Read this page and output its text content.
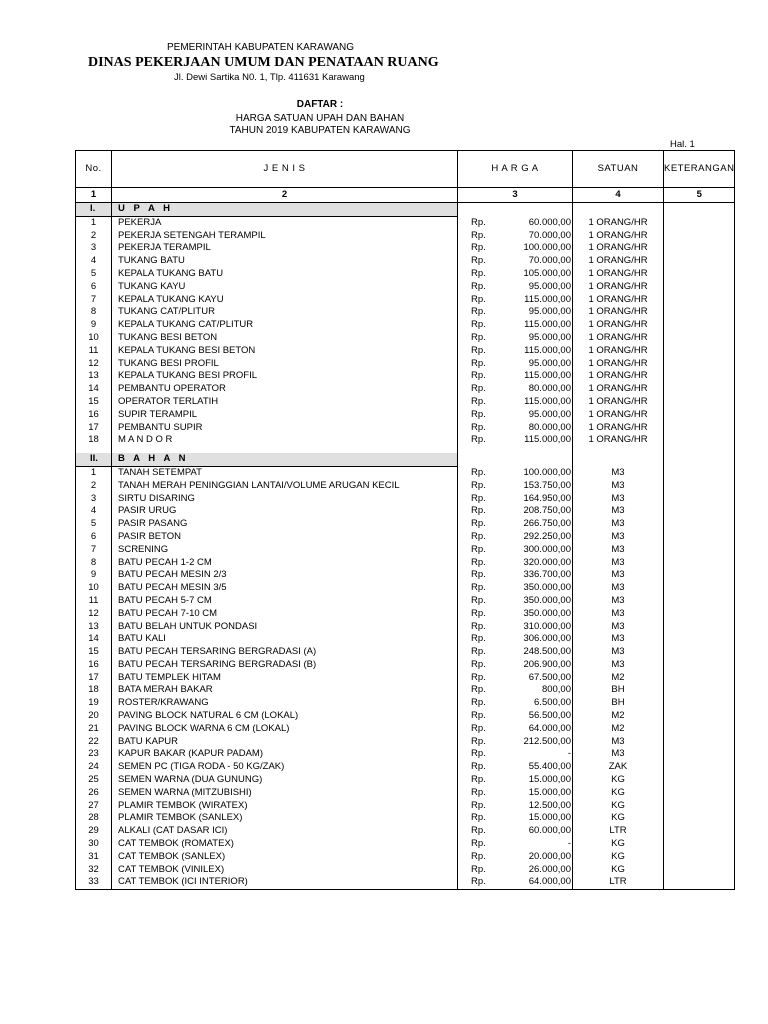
PEMERINTAH KABUPATEN KARAWANG
DINAS PEKERJAAN UMUM DAN PENATAAN RUANG
Jl. Dewi Sartika N0. 1, Tlp. 411631 Karawang
DAFTAR :
HARGA SATUAN UPAH DAN BAHAN
TAHUN 2019 KABUPATEN KARAWANG
Hal. 1
No.	J E N I S	H A R G A		SATUAN	KETERANGAN
1	2	3		4	5
I.	U P A H				
1	PEKERJA	Rp.	60.000,00	1 ORANG/HR	
2	PEKERJA SETENGAH TERAMPIL	Rp.	70.000,00	1 ORANG/HR	
3	PEKERJA TERAMPIL	Rp.	100.000,00	1 ORANG/HR	
4	TUKANG BATU	Rp.	70.000,00	1 ORANG/HR	
5	KEPALA TUKANG BATU	Rp.	105.000,00	1 ORANG/HR	
6	TUKANG KAYU	Rp.	95.000,00	1 ORANG/HR	
7	KEPALA TUKANG KAYU	Rp.	115.000,00	1 ORANG/HR	
8	TUKANG CAT/PLITUR	Rp.	95.000,00	1 ORANG/HR	
9	KEPALA TUKANG CAT/PLITUR	Rp.	115.000,00	1 ORANG/HR	
10	TUKANG BESI BETON	Rp.	95.000,00	1 ORANG/HR	
11	KEPALA TUKANG BESI BETON	Rp.	115.000,00	1 ORANG/HR	
12	TUKANG BESI PROFIL	Rp.	95.000,00	1 ORANG/HR	
13	KEPALA TUKANG BESI PROFIL	Rp.	115.000,00	1 ORANG/HR	
14	PEMBANTU OPERATOR	Rp.	80.000,00	1 ORANG/HR	
15	OPERATOR TERLATIH	Rp.	115.000,00	1 ORANG/HR	
16	SUPIR TERAMPIL	Rp.	95.000,00	1 ORANG/HR	
17	PEMBANTU SUPIR	Rp.	80.000,00	1 ORANG/HR	
18	M A N D O R	Rp.	115.000,00	1 ORANG/HR	

II.	B A H A N				
1	TANAH SETEMPAT	Rp.	100.000,00	M3	
2	TANAH MERAH PENINGGIAN LANTAI/VOLUME ARUGAN KECIL	Rp.	153.750,00	M3	
3	SIRTU DISARING	Rp.	164.950,00	M3	
4	PASIR URUG	Rp.	208.750,00	M3	
5	PASIR PASANG	Rp.	266.750,00	M3	
6	PASIR BETON	Rp.	292.250,00	M3	
7	SCRENING	Rp.	300.000,00	M3	
8	BATU PECAH 1-2 CM	Rp.	320.000,00	M3	
9	BATU PECAH MESIN 2/3	Rp.	336.700,00	M3	
10	BATU PECAH MESIN 3/5	Rp.	350.000,00	M3	
11	BATU PECAH 5-7 CM	Rp.	350.000,00	M3	
12	BATU PECAH 7-10 CM	Rp.	350.000,00	M3	
13	BATU BELAH UNTUK PONDASI	Rp.	310.000,00	M3	
14	BATU KALI	Rp.	306.000,00	M3	
15	BATU PECAH TERSARING BERGRADASI (A)	Rp.	248.500,00	M3	
16	BATU PECAH TERSARING BERGRADASI (B)	Rp.	206.900,00	M3	
17	BATU TEMPLEK HITAM	Rp.	67.500,00	M2	
18	BATA MERAH BAKAR	Rp.	800,00	BH	
19	ROSTER/KRAWANG	Rp.	6.500,00	BH	
20	PAVING BLOCK NATURAL 6 CM (LOKAL)	Rp.	56.500,00	M2	
21	PAVING BLOCK WARNA 6 CM (LOKAL)	Rp.	64.000,00	M2	
22	BATU KAPUR	Rp.	212.500,00	M3	
23	KAPUR BAKAR (KAPUR PADAM)	Rp.	-	M3	
24	SEMEN PC (TIGA RODA - 50 KG/ZAK)	Rp.	55.400,00	ZAK	
25	SEMEN WARNA (DUA GUNUNG)	Rp.	15.000,00	KG	
26	SEMEN WARNA (MITZUBISHI)	Rp.	15.000,00	KG	
27	PLAMIR TEMBOK (WIRATEX)	Rp.	12.500,00	KG	
28	PLAMIR TEMBOK (SANLEX)	Rp.	15.000,00	KG	
29	ALKALI (CAT DASAR ICI)	Rp.	60.000,00	LTR	
30	CAT TEMBOK (ROMATEX)	Rp.	-	KG	
31	CAT TEMBOK (SANLEX)	Rp.	20.000,00	KG	
32	CAT TEMBOK (VINILEX)	Rp.	26.000,00	KG	
33	CAT TEMBOK (ICI INTERIOR)	Rp.	64.000,00	LTR	
